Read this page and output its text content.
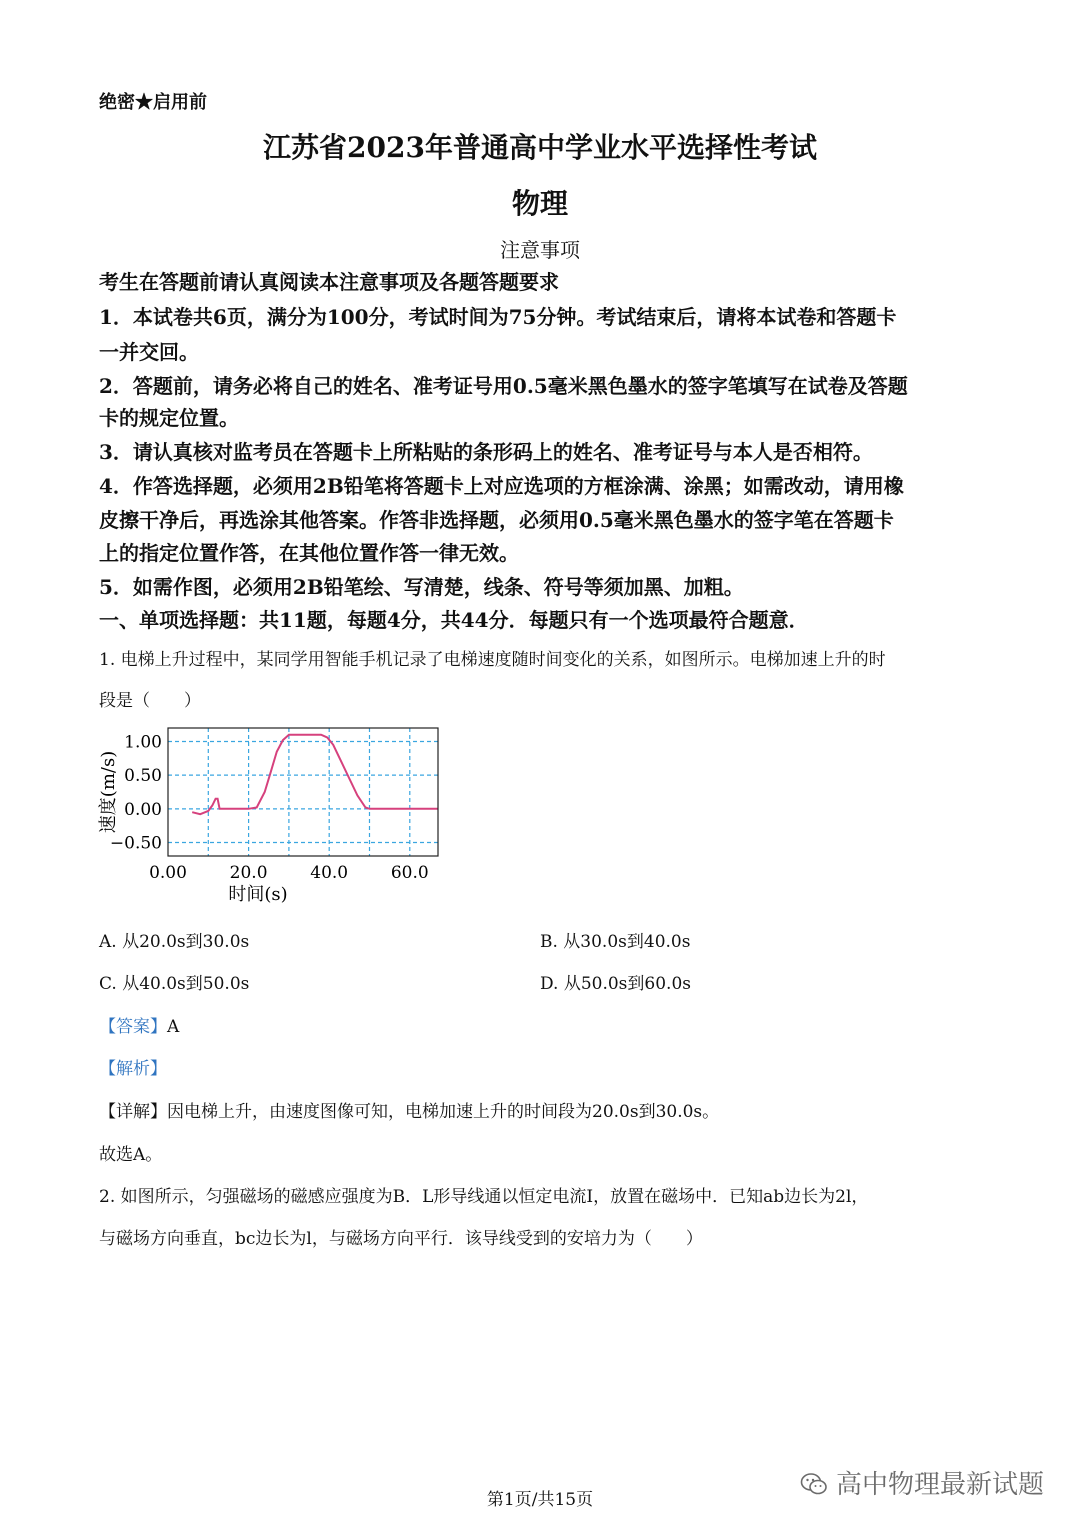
绝密★启用前
江苏省2023年普通高中学业水平选择性考试
物理
注意事项
考生在答题前请认真阅读本注意事项及各题答题要求
1．本试卷共6页，满分为100分，考试时间为75分钟。考试结束后，请将本试卷和答题卡
一并交回。
2．答题前，请务必将自己的姓名、准考证号用0.5毫米黑色墨水的签字笔填写在试卷及答题
卡的规定位置。
3．请认真核对监考员在答题卡上所粘贴的条形码上的姓名、准考证号与本人是否相符。
4．作答选择题，必须用2B铅笔将答题卡上对应选项的方框涂满、涂黑；如需改动，请用橡
皮擦干净后，再选涂其他答案。作答非选择题，必须用0.5毫米黑色墨水的签字笔在答题卡
上的指定位置作答，在其他位置作答一律无效。
5．如需作图，必须用2B铅笔绘、写清楚，线条、符号等须加黑、加粗。
一、单项选择题：共11题，每题4分，共44分．每题只有一个选项最符合题意．
1. 电梯上升过程中，某同学用智能手机记录了电梯速度随时间变化的关系，如图所示。电梯加速上升的时
段是（　　）
0.00	20.0	40.0	60.0
1.00
0.50
0.00
−0.50
时间(s)
速度(m/s)
A. 从20.0s到30.0s	B. 从30.0s到40.0s
C. 从40.0s到50.0s	D. 从50.0s到60.0s
【答案】A
【解析】
【详解】因电梯上升，由速度图像可知，电梯加速上升的时间段为20.0s到30.0s。
故选A。
2. 如图所示，匀强磁场的磁感应强度为B．L形导线通以恒定电流I，放置在磁场中．已知ab边长为2l，
与磁场方向垂直，bc边长为l，与磁场方向平行．该导线受到的安培力为（　　）
高中物理最新试题
第1页/共15页
